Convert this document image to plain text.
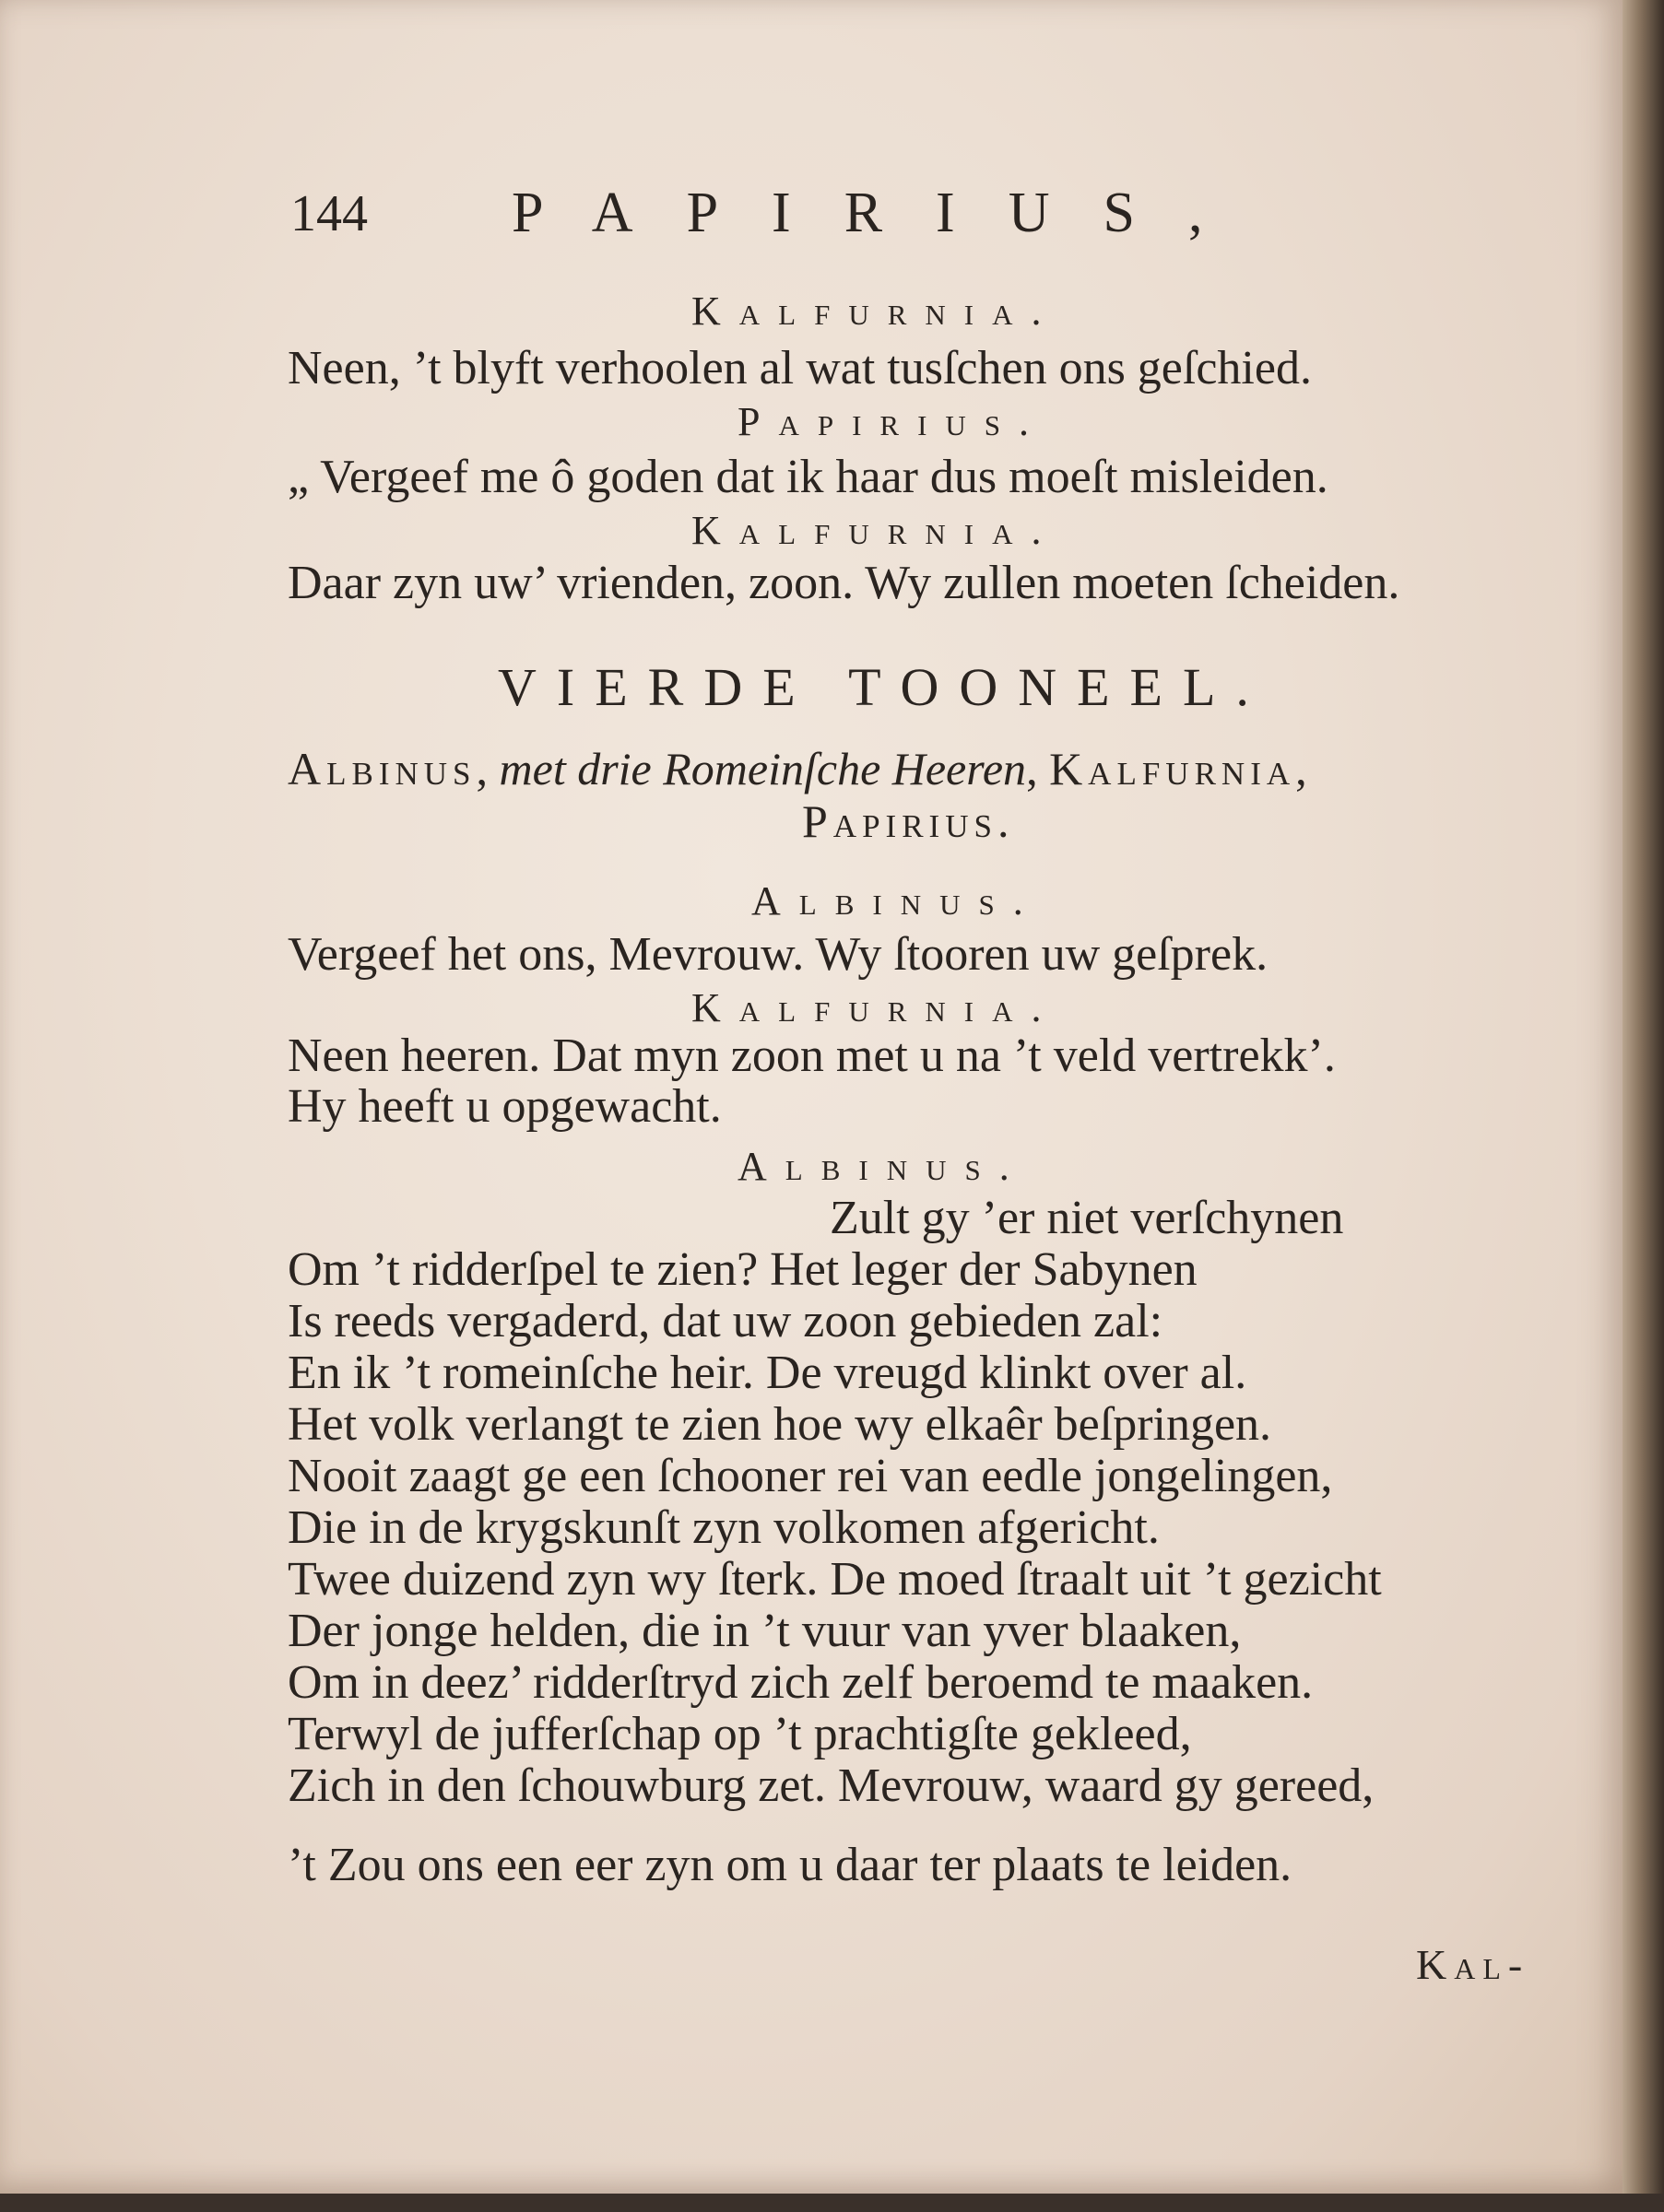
144	PAPIRIUS,
Kalfurnia.
Neen, ’t blyft verhoolen al wat tusſchen ons geſchied.
Papirius.
„ Vergeef me ô goden dat ik haar dus moeſt misleiden.
Kalfurnia.
Daar zyn uw’ vrienden, zoon. Wy zullen moeten ſcheiden.
VIERDE TOONEEL.
Albinus, met drie Romeinſche Heeren, Kalfurnia,
Papirius.
Albinus.
Vergeef het ons, Mevrouw. Wy ſtooren uw geſprek.
Kalfurnia.
Neen heeren. Dat myn zoon met u na ’t veld vertrekk’.
Hy heeft u opgewacht.
Albinus.
Zult gy ’er niet verſchynen
Om ’t ridderſpel te zien? Het leger der Sabynen
Is reeds vergaderd, dat uw zoon gebieden zal:
En ik ’t romeinſche heir. De vreugd klinkt over al.
Het volk verlangt te zien hoe wy elkaêr beſpringen.
Nooit zaagt ge een ſchooner rei van eedle jongelingen,
Die in de krygskunſt zyn volkomen afgericht.
Twee duizend zyn wy ſterk. De moed ſtraalt uit ’t gezicht
Der jonge helden, die in ’t vuur van yver blaaken,
Om in deez’ ridderſtryd zich zelf beroemd te maaken.
Terwyl de jufferſchap op ’t prachtigſte gekleed,
Zich in den ſchouwburg zet. Mevrouw, waard gy gereed,
’t Zou ons een eer zyn om u daar ter plaats te leiden.
Kal-
